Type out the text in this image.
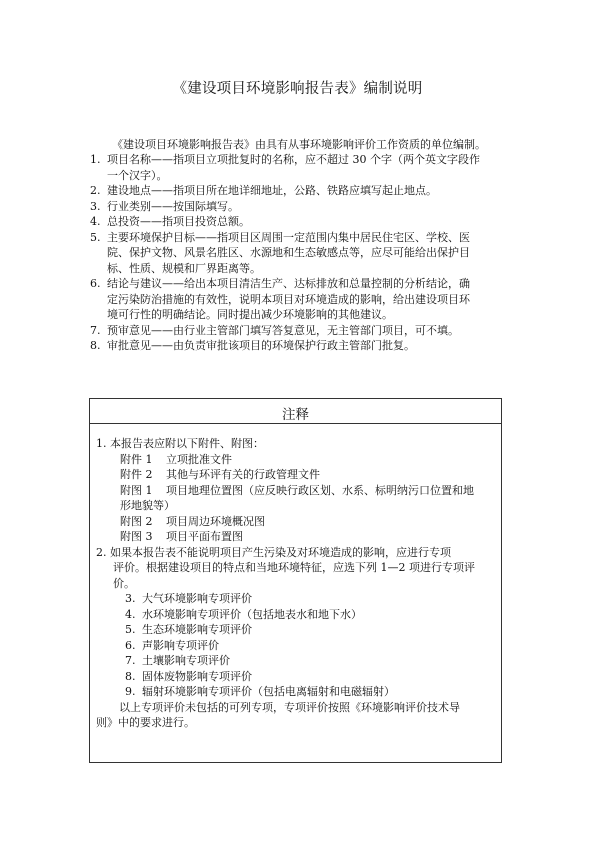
《建设项目环境影响报告表》编制说明
《建设项目环境影响报告表》由具有从事环境影响评价工作资质的单位编制。
1. 项目名称——指项目立项批复时的名称，应不超过 30 个字（两个英文字段作
一个汉字）。
2. 建设地点——指项目所在地详细地址，公路、铁路应填写起止地点。
3. 行业类别——按国际填写。
4. 总投资——指项目投资总额。
5. 主要环境保护目标——指项目区周围一定范围内集中居民住宅区、学校、医
院、保护文物、风景名胜区、水源地和生态敏感点等，应尽可能给出保护目
标、性质、规模和厂界距离等。
6. 结论与建议——给出本项目清洁生产、达标排放和总量控制的分析结论，确
定污染防治措施的有效性，说明本项目对环境造成的影响，给出建设项目环
境可行性的明确结论。同时提出减少环境影响的其他建议。
7. 预审意见——由行业主管部门填写答复意见，无主管部门项目，可不填。
8. 审批意见——由负责审批该项目的环境保护行政主管部门批复。
注释
1. 本报告表应附以下附件、附图：
附件 1	立项批准文件
附件 2	其他与环评有关的行政管理文件
附图 1	项目地理位置图（应反映行政区划、水系、标明纳污口位置和地
形地貌等）
附图 2	项目周边环境概况图
附图 3	项目平面布置图
2. 如果本报告表不能说明项目产生污染及对环境造成的影响，应进行专项
评价。根据建设项目的特点和当地环境特征，应选下列 1—2 项进行专项评
价。
3. 大气环境影响专项评价
4. 水环境影响专项评价（包括地表水和地下水）
5. 生态环境影响专项评价
6. 声影响专项评价
7. 土壤影响专项评价
8. 固体废物影响专项评价
9. 辐射环境影响专项评价（包括电离辐射和电磁辐射）
以上专项评价未包括的可列专项，专项评价按照《环境影响评价技术导
则》中的要求进行。
